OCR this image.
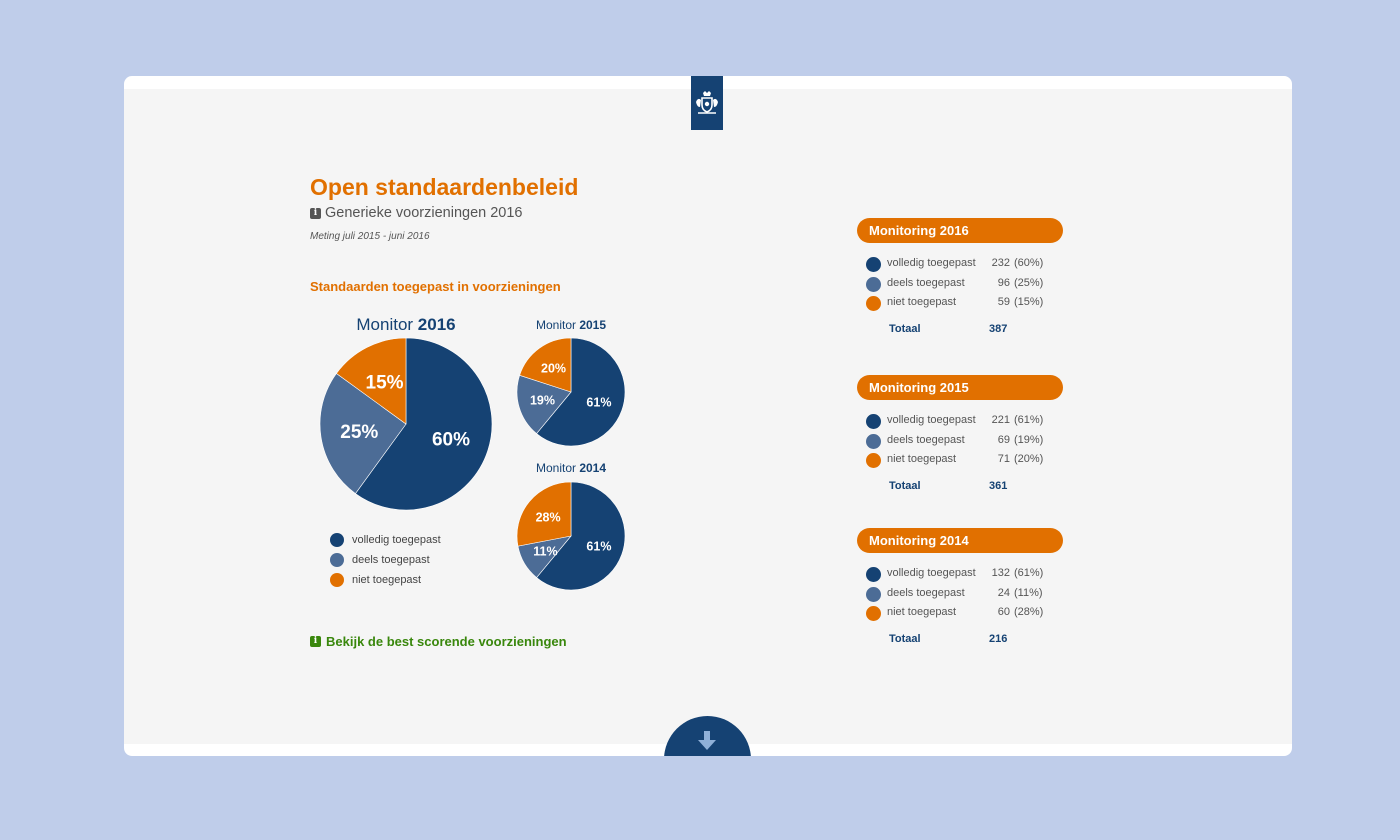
Open standaardenbeleid
i Generieke voorzieningen 2016
Meting juli 2015 - juni 2016
Standaarden toegepast in voorzieningen
Monitor 2016
60%
25%
15%
Monitor 2015
61%
19%
20%
Monitor 2014
61%
11%
28%
volledig toegepast
deels toegepast
niet toegepast
i Bekijk de best scorende voorzieningen
Monitoring 2016
volledig toegepast	232 (60%)
deels toegepast	96 (25%)
niet toegepast	59 (15%)
Totaal	387
Monitoring 2015
volledig toegepast	221 (61%)
deels toegepast	69 (19%)
niet toegepast	71 (20%)
Totaal	361
Monitoring 2014
volledig toegepast	132 (61%)
deels toegepast	24 (11%)
niet toegepast	60 (28%)
Totaal	216
